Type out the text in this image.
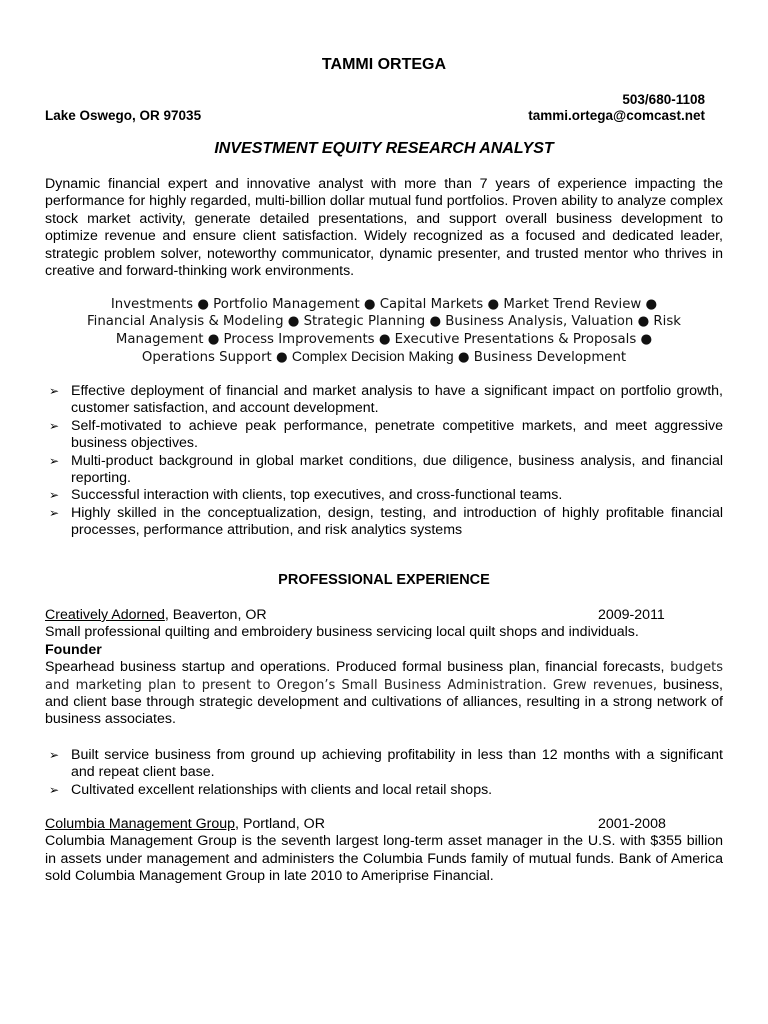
TAMMI ORTEGA
503/680-1108
Lake Oswego, OR 97035	tammi.ortega@comcast.net
INVESTMENT EQUITY RESEARCH ANALYST
Dynamic financial expert and innovative analyst with more than 7 years of experience impacting the performance for highly regarded, multi-billion dollar mutual fund portfolios. Proven ability to analyze complex stock market activity, generate detailed presentations, and support overall business development to optimize revenue and ensure client satisfaction. Widely recognized as a focused and dedicated leader, strategic problem solver, noteworthy communicator, dynamic presenter, and trusted mentor who thrives in creative and forward-thinking work environments.
Investments ● Portfolio Management ● Capital Markets ● Market Trend Review ●
Financial Analysis & Modeling ● Strategic Planning ● Business Analysis, Valuation ● Risk Management ● Process Improvements ● Executive Presentations & Proposals ●
Operations Support ● Complex Decision Making ● Business Development
➢ Effective deployment of financial and market analysis to have a significant impact on portfolio growth, customer satisfaction, and account development.
➢ Self-motivated to achieve peak performance, penetrate competitive markets, and meet aggressive business objectives.
➢ Multi-product background in global market conditions, due diligence, business analysis, and financial reporting.
➢ Successful interaction with clients, top executives, and cross-functional teams.
➢ Highly skilled in the conceptualization, design, testing, and introduction of highly profitable financial processes, performance attribution, and risk analytics systems
PROFESSIONAL EXPERIENCE
Creatively Adorned, Beaverton, OR	2009-2011
Small professional quilting and embroidery business servicing local quilt shops and individuals.
Founder
Spearhead business startup and operations. Produced formal business plan, financial forecasts, budgets and marketing plan to present to Oregon’s Small Business Administration. Grew revenues, business, and client base through strategic development and cultivations of alliances, resulting in a strong network of business associates.
➢ Built service business from ground up achieving profitability in less than 12 months with a significant and repeat client base.
➢ Cultivated excellent relationships with clients and local retail shops.
Columbia Management Group, Portland, OR	2001-2008
Columbia Management Group is the seventh largest long-term asset manager in the U.S. with $355 billion in assets under management and administers the Columbia Funds family of mutual funds. Bank of America sold Columbia Management Group in late 2010 to Ameriprise Financial.
